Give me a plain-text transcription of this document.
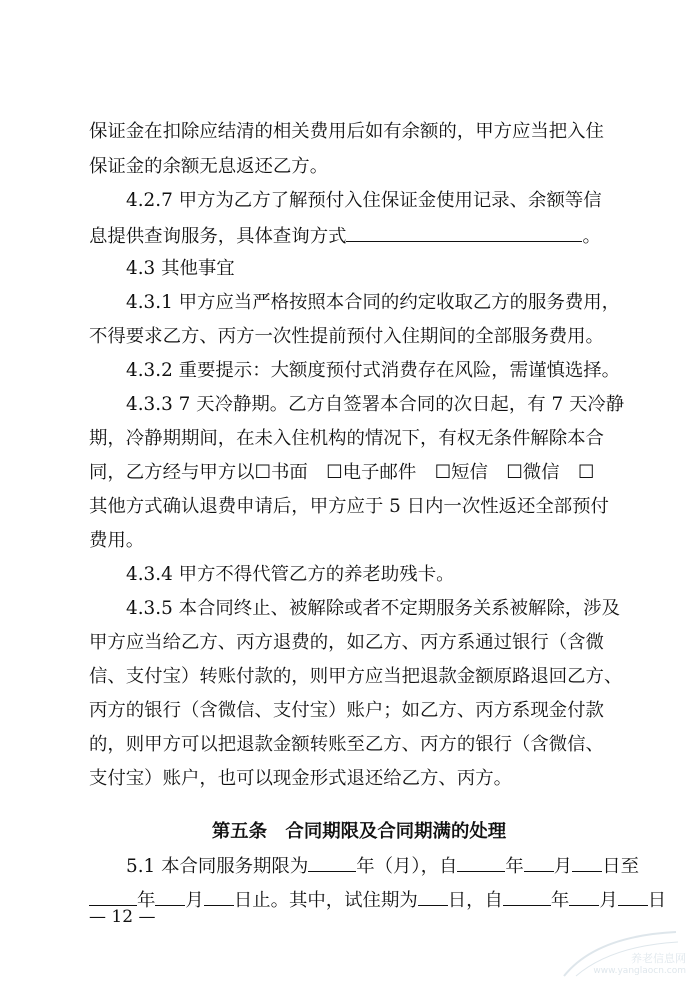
保证金在扣除应结清的相关费用后如有余额的，甲方应当把入住
保证金的余额无息返还乙方。
4.2.7 甲方为乙方了解预付入住保证金使用记录、余额等信
息提供查询服务，具体查询方式	。
4.3 其他事宜
4.3.1 甲方应当严格按照本合同的约定收取乙方的服务费用，
不得要求乙方、丙方一次性提前预付入住期间的全部服务费用。
4.3.2 重要提示：大额度预付式消费存在风险，需谨慎选择。
4.3.3 7 天冷静期。乙方自签署本合同的次日起，有 7 天冷静
期，冷静期期间，在未入住机构的情况下，有权无条件解除本合
同，乙方经与甲方以☐书面　☐电子邮件　☐短信　☐微信　☐
其他方式确认退费申请后，甲方应于 5 日内一次性返还全部预付
费用。
4.3.4 甲方不得代管乙方的养老助残卡。
4.3.5 本合同终止、被解除或者不定期服务关系被解除，涉及
甲方应当给乙方、丙方退费的，如乙方、丙方系通过银行（含微
信、支付宝）转账付款的，则甲方应当把退款金额原路退回乙方、
丙方的银行（含微信、支付宝）账户；如乙方、丙方系现金付款
的，则甲方可以把退款金额转账至乙方、丙方的银行（含微信、
支付宝）账户，也可以现金形式退还给乙方、丙方。
第五条　合同期限及合同期满的处理
5.1 本合同服务期限为	年（月），自	年 月 日至
年 月 日止。其中，试住期为 日，自	年 月 日
— 12 —
养老信息网
www.yanglaocn.com
